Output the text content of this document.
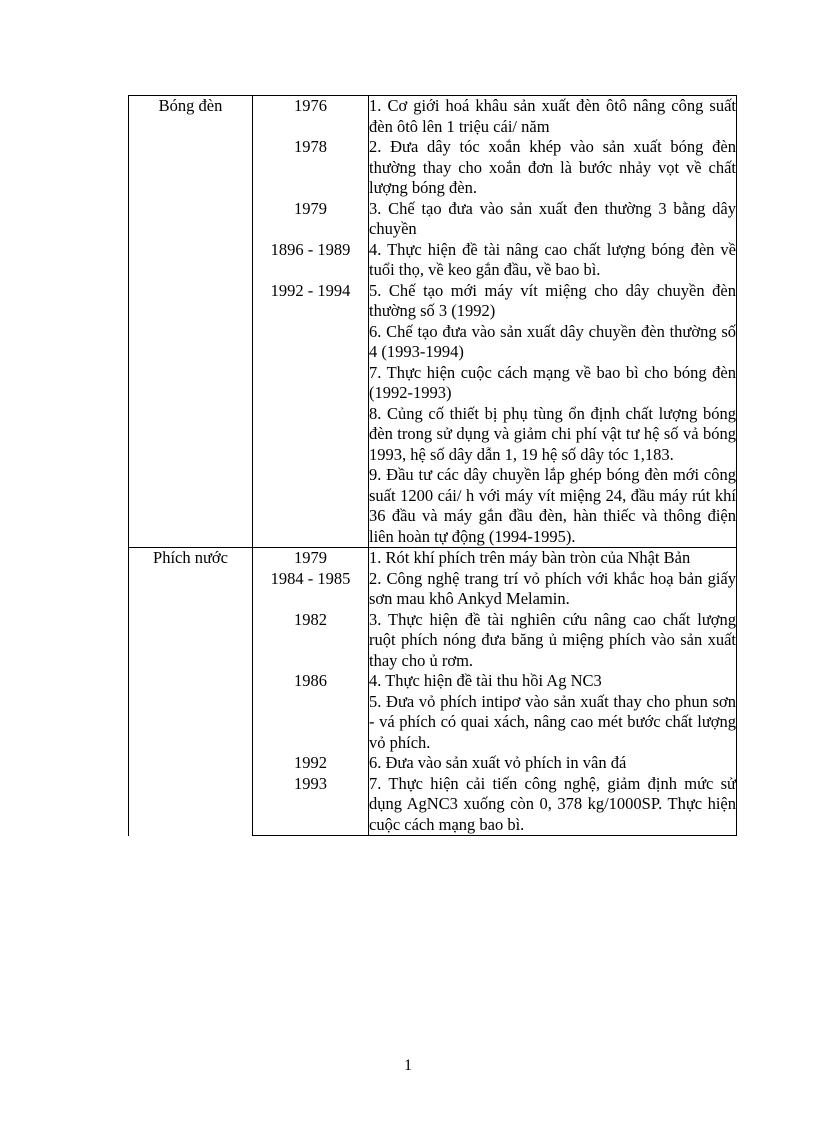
Bóng đèn	1976	1. Cơ giới hoá khâu sản xuất đèn ôtô nâng công suất đèn ôtô lên 1 triệu cái/ năm
	1978	2. Đưa dây tóc xoắn khép vào sản xuất bóng đèn thường thay cho xoắn đơn là bước nhảy vọt về chất lượng bóng đèn.
	1979	3. Chế tạo đưa vào sản xuất đen thường 3 bằng dây chuyền
	1896 - 1989	4. Thực hiện đề tài nâng cao chất lượng bóng đèn về tuổi thọ, về keo gắn đầu, về bao bì.
	1992 - 1994	5. Chế tạo mới máy vít miệng cho dây chuyền đèn thường số 3 (1992)
		6. Chế tạo đưa vào sản xuất dây chuyền đèn thường số 4 (1993-1994)
		7. Thực hiện cuộc cách mạng về bao bì cho bóng đèn (1992-1993)
		8. Củng cố thiết bị phụ tùng ổn định chất lượng bóng đèn trong sử dụng và giảm chi phí vật tư hệ số vả bóng 1993, hệ số dây dẫn 1, 19 hệ số dây tóc 1,183.
		9. Đầu tư các dây chuyền lắp ghép bóng đèn mới công suất 1200 cái/ h với máy vít miệng 24, đầu máy rút khí 36 đầu và máy gắn đầu đèn, hàn thiếc và thông điện liên hoàn tự động (1994-1995).
Phích nước	1979	1. Rót khí phích trên máy bàn tròn của Nhật Bản
	1984 - 1985	2. Công nghệ trang trí vỏ phích với khắc hoạ bản giấy sơn mau khô Ankyd Melamin.
	1982	3. Thực hiện đề tài nghiên cứu nâng cao chất lượng ruột phích nóng đưa băng ủ miệng phích vào sản xuất thay cho ủ rơm.
	1986	4. Thực hiện đề tài thu hồi Ag NC3
		5. Đưa vỏ phích intipơ vào sản xuất thay cho phun sơn - vá phích có quai xách, nâng cao mét bước chất lượng vỏ phích.
	1992	6. Đưa vào sản xuất vỏ phích in vân đá
	1993	7. Thực hiện cải tiến công nghệ, giảm định mức sử dụng AgNC3 xuống còn 0, 378 kg/1000SP. Thực hiện cuộc cách mạng bao bì.
1
